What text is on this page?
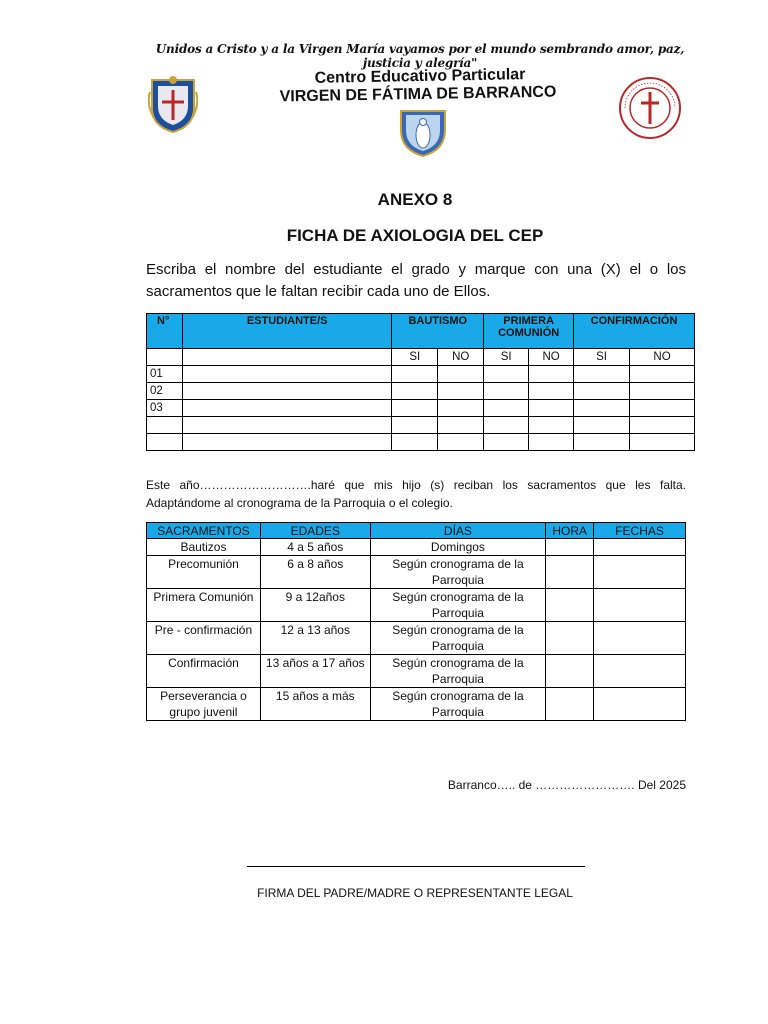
Unidos a Cristo y a la Virgen María vayamos por el mundo sembrando amor, paz, justicia y alegría"
Centro Educativo Particular
VIRGEN DE FÁTIMA DE BARRANCO
ANEXO 8
FICHA DE AXIOLOGIA DEL CEP
Escriba el nombre del estudiante el grado y marque con una (X) el o los sacramentos que le faltan recibir cada uno de Ellos.
N°	ESTUDIANTE/S	BAUTISMO		PRIMERA COMUNIÓN		CONFIRMACIÓN	
		SI	NO	SI	NO	SI	NO
01							
02							
03							

Este año……………………….haré que mis hijo (s) reciban los sacramentos que les falta. Adaptándome al cronograma de la Parroquia o el colegio.
SACRAMENTOS	EDADES	DÍAS	HORA	FECHAS
Bautizos	4 a 5 años	Domingos		
Precomunión	6 a 8 años	Según cronograma de la Parroquia		
Primera Comunión	9 a 12años	Según cronograma de la Parroquia		
Pre - confirmación	12 a 13 años	Según cronograma de la Parroquia		
Confirmación	13 años a 17 años	Según cronograma de la Parroquia		
Perseverancia o grupo juvenil	15 años a más	Según cronograma de la Parroquia		
Barranco….. de ……………………. Del 2025
FIRMA DEL PADRE/MADRE O REPRESENTANTE LEGAL
